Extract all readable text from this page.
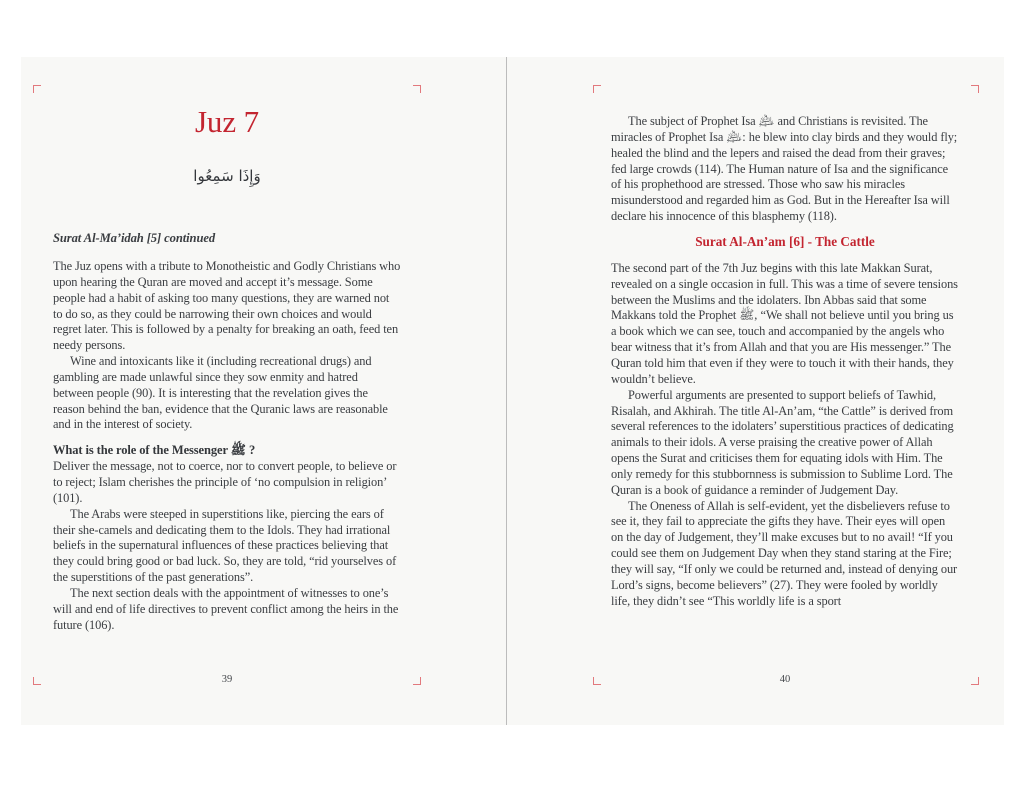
Juz 7
وَإِذَا سَمِعُوا

Surat Al-Ma’idah [5] continued

The Juz opens with a tribute to Monotheistic and Godly Christians who upon hearing the Quran are moved and accept it’s message. Some people had a habit of asking too many questions, they are warned not to do so, as they could be narrowing their own choices and would regret later. This is followed by a penalty for breaking an oath, feed ten needy persons.

Wine and intoxicants like it (including recreational drugs) and gambling are made unlawful since they sow enmity and hatred between people (90). It is interesting that the revelation gives the reason behind the ban, evidence that the Quranic laws are reasonable and in the interest of society.

What is the role of the Messenger ﷺ ?

Deliver the message, not to coerce, nor to convert people, to believe or to reject; Islam cherishes the principle of ‘no compulsion in religion’ (101).

The Arabs were steeped in superstitions like, piercing the ears of their she-camels and dedicating them to the Idols. They had irrational beliefs in the supernatural influences of these practices believing that they could bring good or bad luck. So, they are told, “rid yourselves of the superstitions of the past generations”.

The next section deals with the appointment of witnesses to one’s will and end of life directives to prevent conflict among the heirs in the future (106).

39

The subject of Prophet Isa ﵇ and Christians is revisited. The miracles of Prophet Isa ﵇: he blew into clay birds and they would fly; healed the blind and the lepers and raised the dead from their graves; fed large crowds (114). The Human nature of Isa and the significance of his prophethood are stressed. Those who saw his miracles misunderstood and regarded him as God. But in the Hereafter Isa will declare his innocence of this blasphemy (118).

Surat Al-An’am [6] - The Cattle

The second part of the 7th Juz begins with this late Makkan Surat, revealed on a single occasion in full. This was a time of severe tensions between the Muslims and the idolaters. Ibn Abbas said that some Makkans told the Prophet ﷺ, “We shall not believe until you bring us a book which we can see, touch and accompanied by the angels who bear witness that it’s from Allah and that you are His messenger.” The Quran told him that even if they were to touch it with their hands, they wouldn’t believe.

Powerful arguments are presented to support beliefs of Tawhid, Risalah, and Akhirah. The title Al-An’am, “the Cattle” is derived from several references to the idolaters’ superstitious practices of dedicating animals to their idols. A verse praising the creative power of Allah opens the Surat and criticises them for equating idols with Him. The only remedy for this stubbornness is submission to Sublime Lord. The Quran is a book of guidance a reminder of Judgement Day.

The Oneness of Allah is self-evident, yet the disbelievers refuse to see it, they fail to appreciate the gifts they have. Their eyes will open on the day of Judgement, they’ll make excuses but to no avail! “If you could see them on Judgement Day when they stand staring at the Fire; they will say, “If only we could be returned and, instead of denying our Lord’s signs, become believers” (27). They were fooled by worldly life, they didn’t see “This worldly life is a sport

40
